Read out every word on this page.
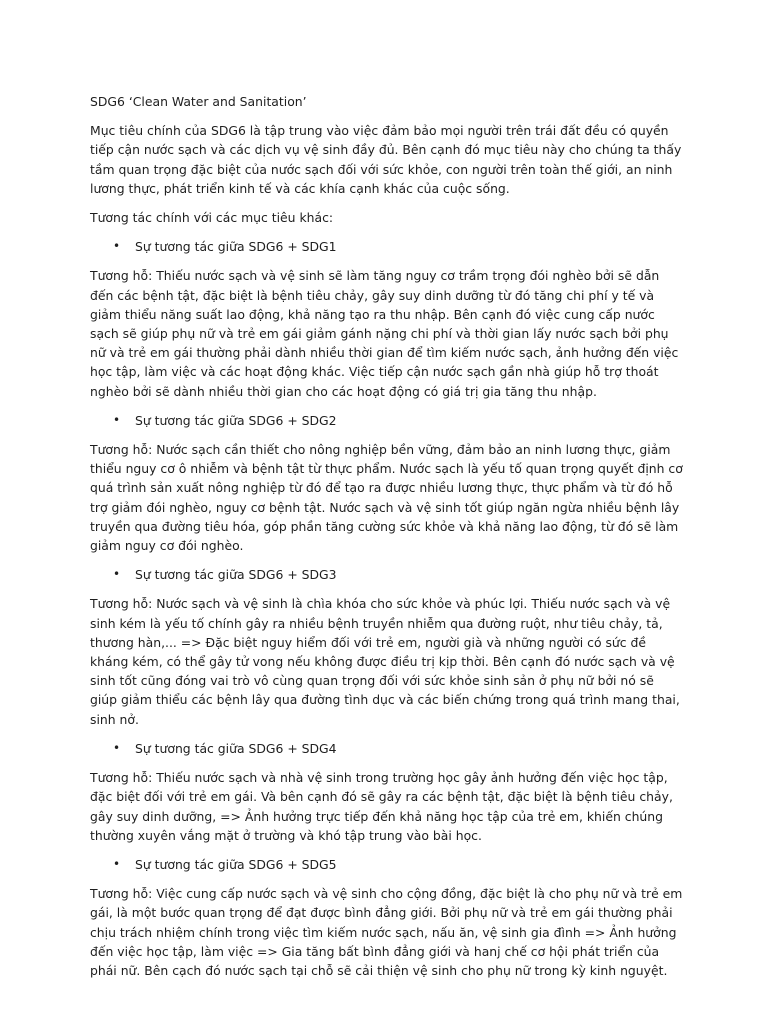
SDG6 ‘Clean Water and Sanitation’

Mục tiêu chính của SDG6 là tập trung vào việc đảm bảo mọi người trên trái đất đều có quyền tiếp cận nước sạch và các dịch vụ vệ sinh đầy đủ. Bên cạnh đó mục tiêu này cho chúng ta thấy tầm quan trọng đặc biệt của nước sạch đối với sức khỏe, con người trên toàn thế giới, an ninh lương thực, phát triển kinh tế và các khía cạnh khác của cuộc sống.

Tương tác chính với các mục tiêu khác:

• Sự tương tác giữa SDG6 + SDG1

Tương hỗ: Thiếu nước sạch và vệ sinh sẽ làm tăng nguy cơ trầm trọng đói nghèo bởi sẽ dẫn đến các bệnh tật, đặc biệt là bệnh tiêu chảy, gây suy dinh dưỡng từ đó tăng chi phí y tế và giảm thiểu năng suất lao động, khả năng tạo ra thu nhập. Bên cạnh đó việc cung cấp nước sạch sẽ giúp phụ nữ và trẻ em gái giảm gánh nặng chi phí và thời gian lấy nước sạch bởi phụ nữ và trẻ em gái thường phải dành nhiều thời gian để tìm kiếm nước sạch, ảnh hưởng đến việc học tập, làm việc và các hoạt động khác. Việc tiếp cận nước sạch gần nhà giúp hỗ trợ thoát nghèo bởi sẽ dành nhiều thời gian cho các hoạt động có giá trị gia tăng thu nhập.

• Sự tương tác giữa SDG6 + SDG2

Tương hỗ: Nước sạch cần thiết cho nông nghiệp bền vững, đảm bảo an ninh lương thực, giảm thiểu nguy cơ ô nhiễm và bệnh tật từ thực phẩm. Nước sạch là yếu tố quan trọng quyết định cơ quá trình sản xuất nông nghiệp từ đó để tạo ra được nhiều lương thực, thực phẩm và từ đó hỗ trợ giảm đói nghèo, nguy cơ bệnh tật. Nước sạch và vệ sinh tốt giúp ngăn ngừa nhiều bệnh lây truyền qua đường tiêu hóa, góp phần tăng cường sức khỏe và khả năng lao động, từ đó sẽ làm giảm nguy cơ đói nghèo.

• Sự tương tác giữa SDG6 + SDG3

Tương hỗ: Nước sạch và vệ sinh là chìa khóa cho sức khỏe và phúc lợi. Thiếu nước sạch và vệ sinh kém là yếu tố chính gây ra nhiều bệnh truyền nhiễm qua đường ruột, như tiêu chảy, tả, thương hàn,... => Đặc biệt nguy hiểm đối với trẻ em, người già và những người có sức đề kháng kém, có thể gây tử vong nếu không được điều trị kịp thời. Bên cạnh đó nước sạch và vệ sinh tốt cũng đóng vai trò vô cùng quan trọng đối với sức khỏe sinh sản ở phụ nữ bởi nó sẽ giúp giảm thiểu các bệnh lây qua đường tình dục và các biến chứng trong quá trình mang thai, sinh nở.

• Sự tương tác giữa SDG6 + SDG4

Tương hỗ: Thiếu nước sạch và nhà vệ sinh trong trường học gây ảnh hưởng đến việc học tập, đặc biệt đối với trẻ em gái. Và bên cạnh đó sẽ gây ra các bệnh tật, đặc biệt là bệnh tiêu chảy, gây suy dinh dưỡng, => Ảnh hưởng trực tiếp đến khả năng học tập của trẻ em, khiến chúng thường xuyên vắng mặt ở trường và khó tập trung vào bài học.

• Sự tương tác giữa SDG6 + SDG5

Tương hỗ: Việc cung cấp nước sạch và vệ sinh cho cộng đồng, đặc biệt là cho phụ nữ và trẻ em gái, là một bước quan trọng để đạt được bình đẳng giới. Bởi phụ nữ và trẻ em gái thường phải chịu trách nhiệm chính trong việc tìm kiếm nước sạch, nấu ăn, vệ sinh gia đình => Ảnh hưởng đến việc học tập, làm việc => Gia tăng bất bình đẳng giới và hanj chế cơ hội phát triển của phái nữ. Bên cạch đó nước sạch tại chỗ sẽ cải thiện vệ sinh cho phụ nữ trong kỳ kinh nguyệt.
